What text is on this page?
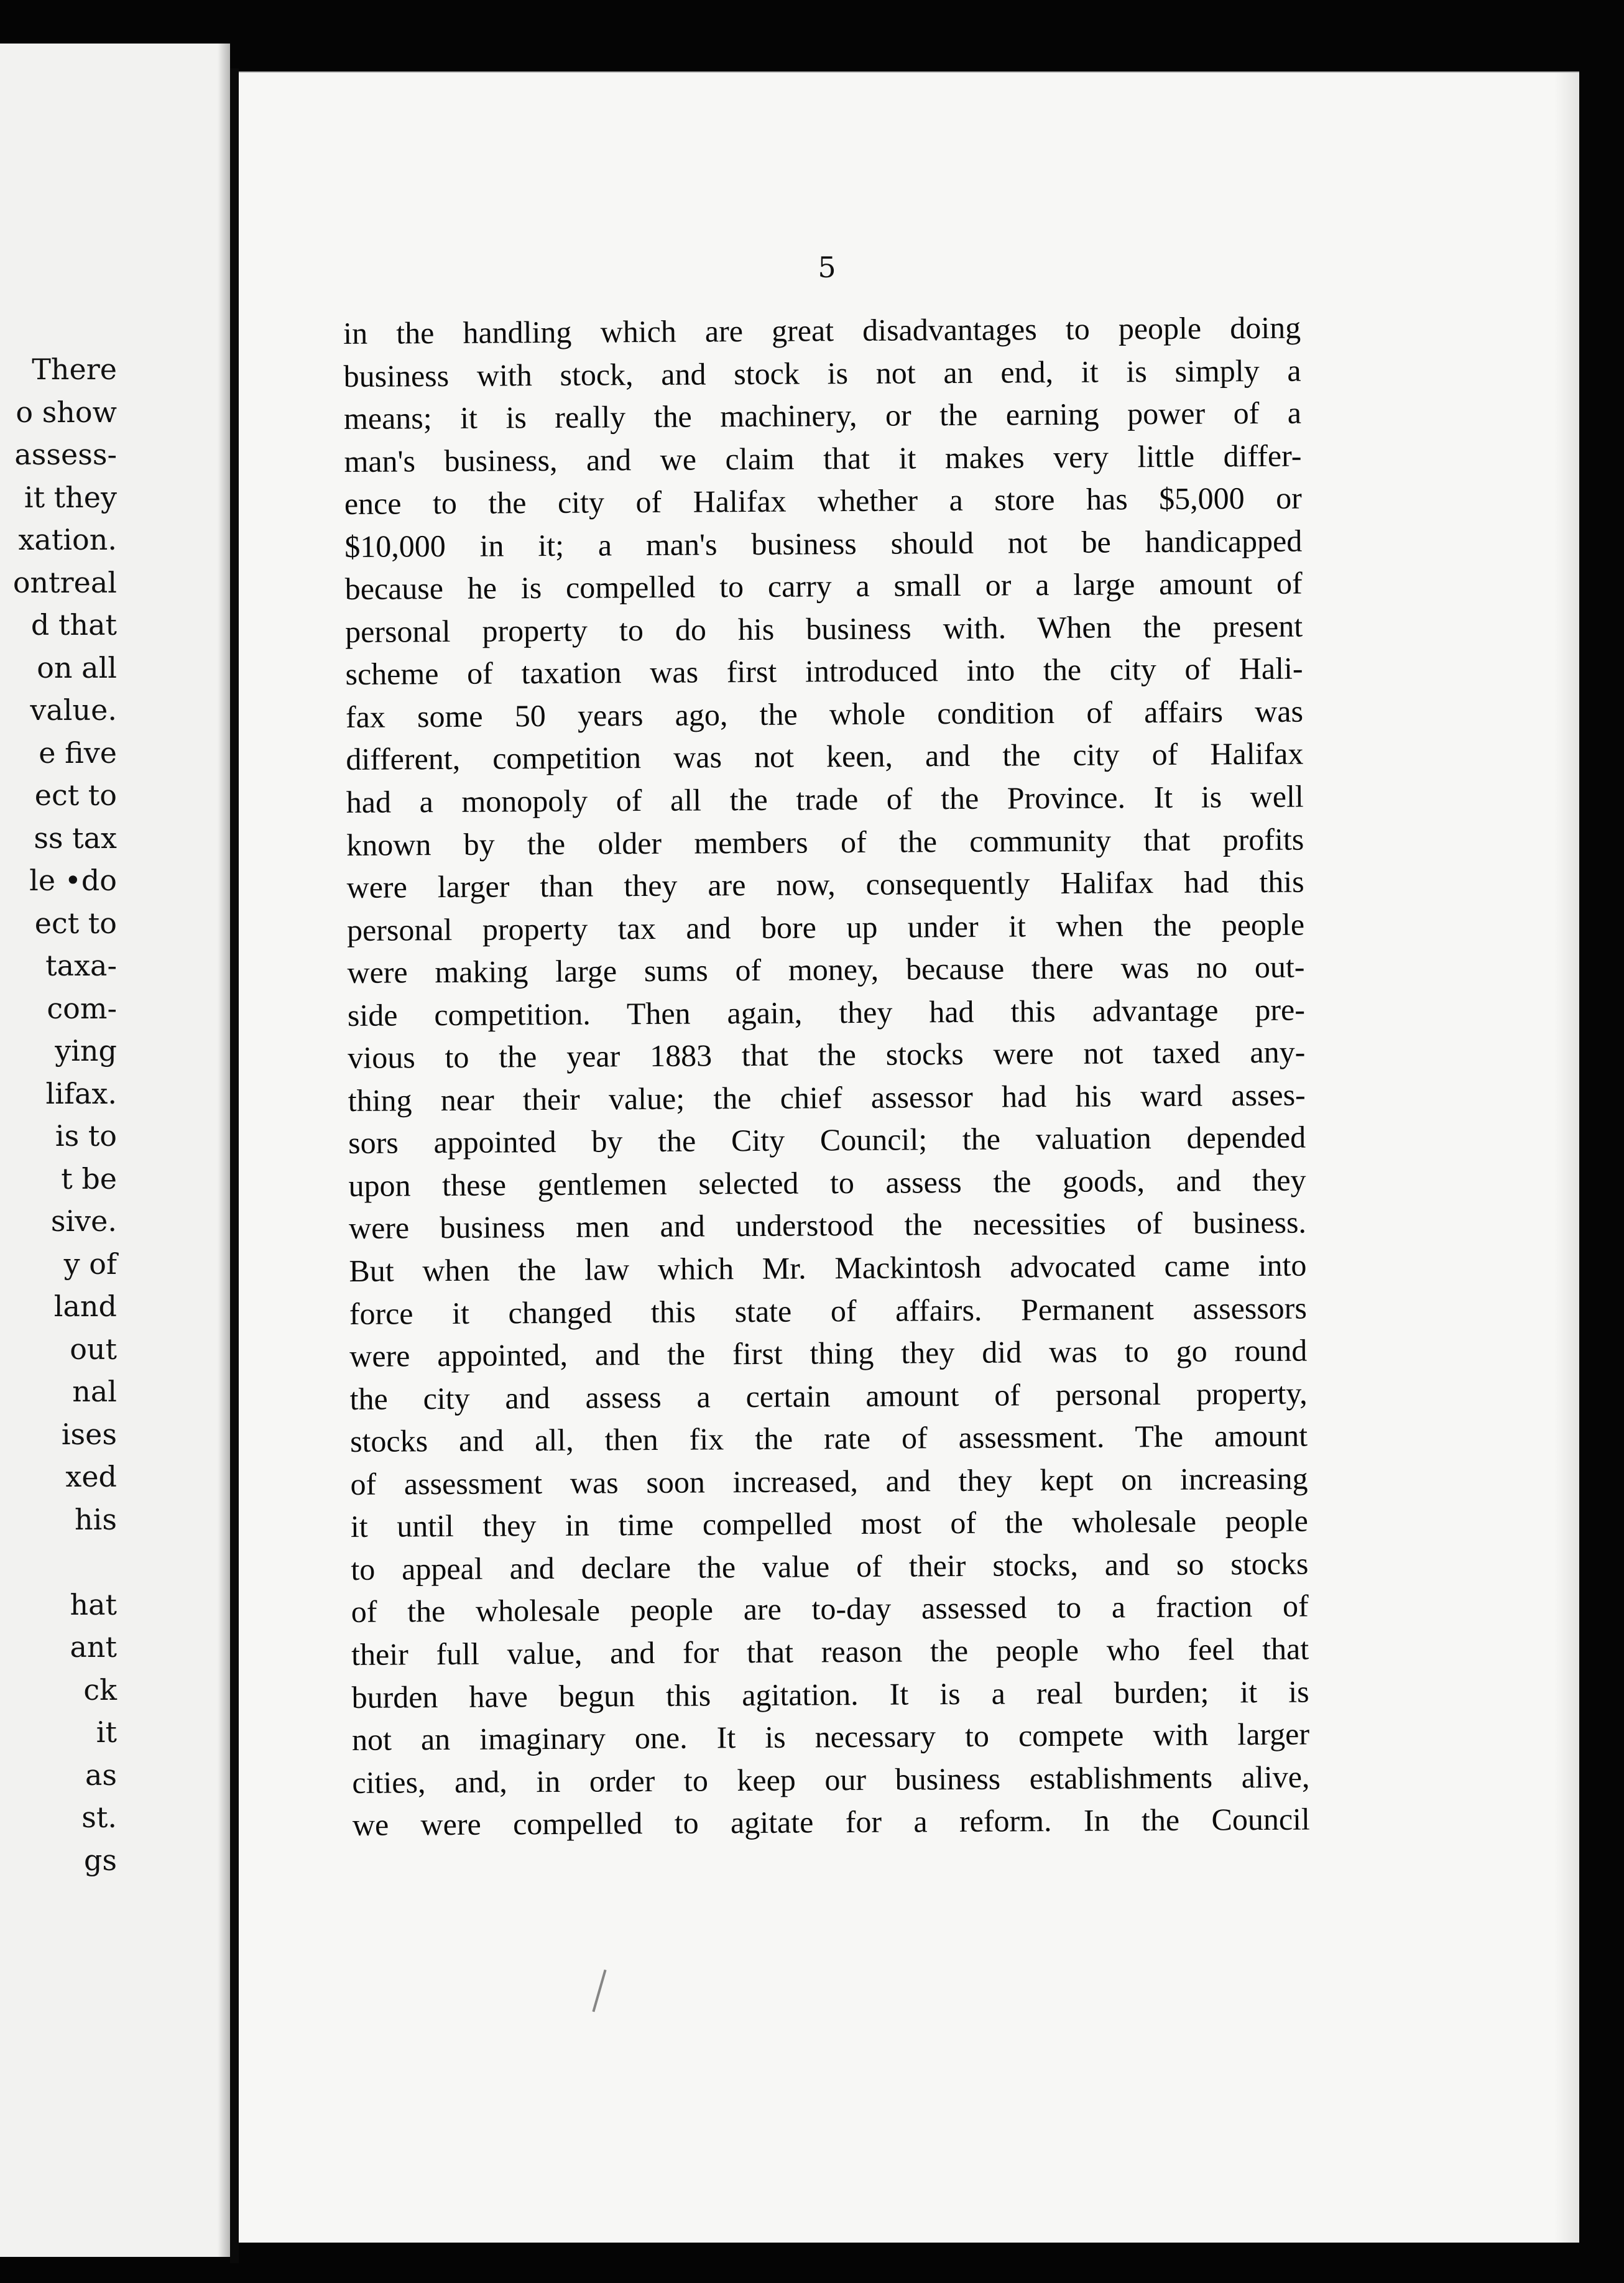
There
o show
assess-
it they
xation.
ontreal
d that
on all
value.
e five
ect to
ss tax
le •do
ect to
taxa-
com-
ying
lifax.
is to
t be
sive.
y of
land
out
nal
ises
xed
his

hat
ant
ck
it
as
st.
gs
5
in the handling which are great disadvantages to people doing
business with stock, and stock is not an end, it is simply a
means; it is really the machinery, or the earning power of a
man's business, and we claim that it makes very little differ-
ence to the city of Halifax whether a store has $5,000 or
$10,000 in it; a man's business should not be handicapped
because he is compelled to carry a small or a large amount of
personal property to do his business with. When the present
scheme of taxation was first introduced into the city of Hali-
fax some 50 years ago, the whole condition of affairs was
different, competition was not keen, and the city of Halifax
had a monopoly of all the trade of the Province. It is well
known by the older members of the community that profits
were larger than they are now, consequently Halifax had this
personal property tax and bore up under it when the people
were making large sums of money, because there was no out-
side competition. Then again, they had this advantage pre-
vious to the year 1883 that the stocks were not taxed any-
thing near their value; the chief assessor had his ward asses-
sors appointed by the City Council; the valuation depended
upon these gentlemen selected to assess the goods, and they
were business men and understood the necessities of business.
But when the law which Mr. Mackintosh advocated came into
force it changed this state of affairs. Permanent assessors
were appointed, and the first thing they did was to go round
the city and assess a certain amount of personal property,
stocks and all, then fix the rate of assessment. The amount
of assessment was soon increased, and they kept on increasing
it until they in time compelled most of the wholesale people
to appeal and declare the value of their stocks, and so stocks
of the wholesale people are to-day assessed to a fraction of
their full value, and for that reason the people who feel that
burden have begun this agitation. It is a real burden; it is
not an imaginary one. It is necessary to compete with larger
cities, and, in order to keep our business establishments alive,
we were compelled to agitate for a reform. In the Council
